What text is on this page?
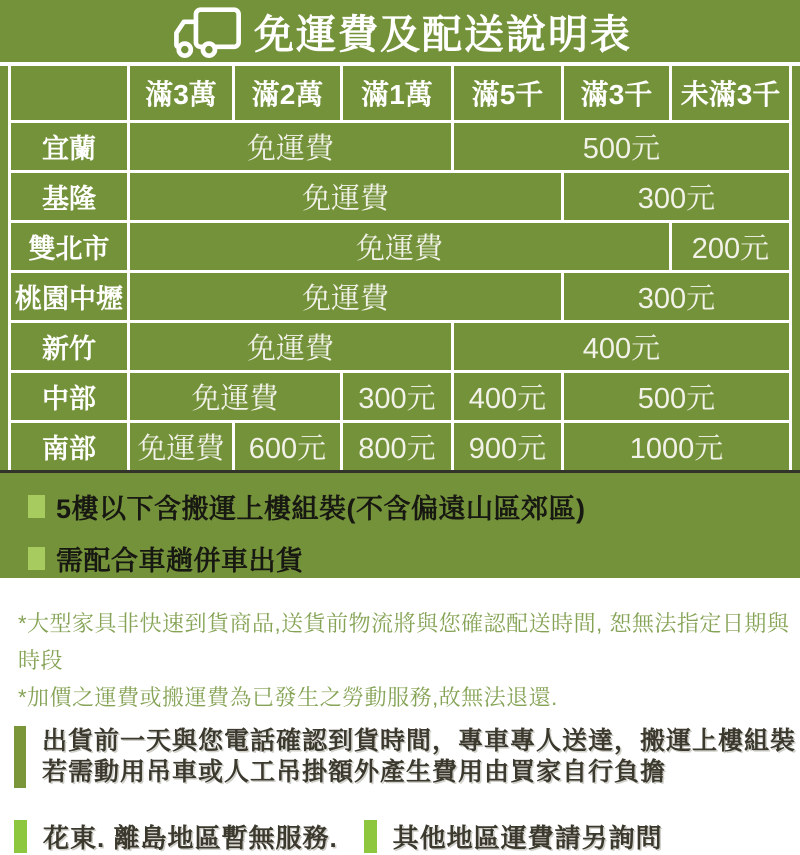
免運費及配送說明表
滿3萬	滿2萬	滿1萬	滿5千	滿3千	未滿3千
宜蘭	免運費	500元
基隆	免運費	300元
雙北市	免運費	200元
桃園中壢	免運費	300元
新竹	免運費	400元
中部	免運費	300元	400元	500元
南部	免運費 600元	800元	900元	1000元
5樓以下含搬運上樓組裝(不含偏遠山區郊區)
需配合車趟併車出貨
*大型家具非快速到貨商品,送貨前物流將與您確認配送時間, 恕無法指定日期與時段
*加價之運費或搬運費為已發生之勞動服務,故無法退還.
出貨前一天與您電話確認到貨時間，專車專人送達，搬運上樓組裝
若需動用吊車或人工吊掛額外產生費用由買家自行負擔
花東. 離島地區暫無服務. 其他地區運費請另詢問
